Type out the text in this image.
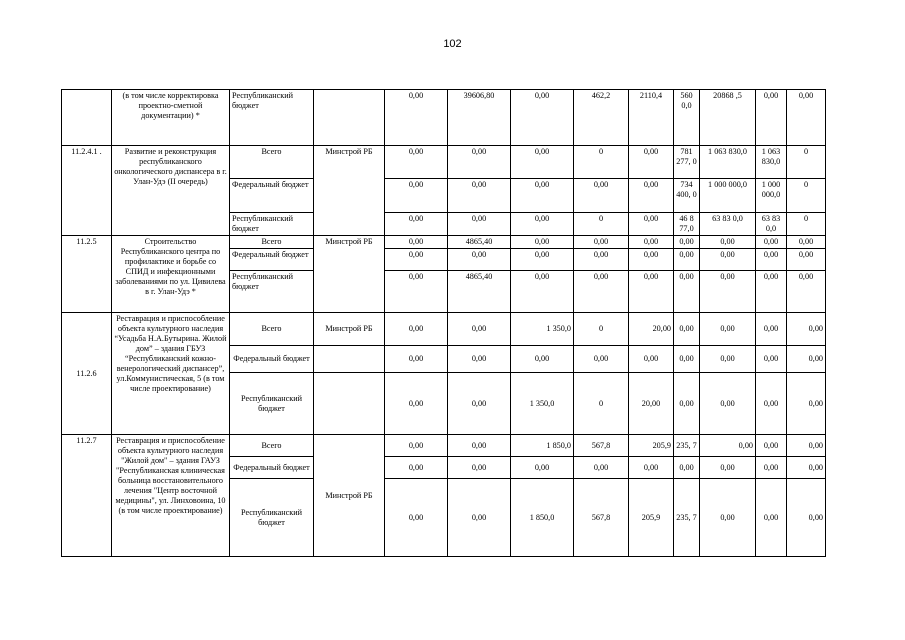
102
	(в том числе корректировка проектно-сметной документации) *	Республиканский бюджет		0,00	39606,80	0,00	462,2	2110,4	560 0,0	20868 ,5	0,00	0,00
11.2.4.1 .	Развитие и реконструкция республиканского онкологического диспансера в г. Улан-Удэ (II очередь)	Всего	Минстрой РБ	0,00	0,00	0,00	0	0,00	781 277, 0	1 063 830,0	1 063 830,0	0
		Федеральный бюджет		0,00	0,00	0,00	0,00	0,00	734 400, 0	1 000 000,0	1 000 000,0	0
		Республиканский бюджет		0,00	0,00	0,00	0	0,00	46 8 77,0	63 83 0,0	63 83 0,0	0
11.2.5	Строительство Республиканского центра по профилактике и борьбе со СПИД и инфекционными заболеваниями по ул. Цивилева в г. Улан-Удэ *	Всего	Минстрой РБ	0,00	4865,40	0,00	0,00	0,00	0,00	0,00	0,00	0,00
		Федеральный бюджет		0,00	0,00	0,00	0,00	0,00	0,00	0,00	0,00	0,00
		Республиканский бюджет		0,00	4865,40	0,00	0,00	0,00	0,00	0,00	0,00	0,00
11.2.6	Реставрация и приспособление объекта культурного наследия “Усадьба Н.А.Бутырина. Жилой дом” – здания ГБУЗ “Республиканский кожно-венерологический диспансер”, ул.Коммунистическая, 5 (в том числе проектирование)	Всего	Минстрой РБ	0,00	0,00	1 350,0	0	20,00	0,00	0,00	0,00	0,00
		Федеральный бюджет		0,00	0,00	0,00	0,00	0,00	0,00	0,00	0,00	0,00
		Республиканский бюджет		0,00	0,00	1 350,0	0	20,00	0,00	0,00	0,00	0,00
11.2.7	Реставрация и приспособление объекта культурного наследия "Жилой дом" – здания ГАУЗ "Республиканская клиническая больница восстановительного лечения "Центр восточной медицины", ул. Линховоина, 10 (в том числе проектирование)	Всего	Минстрой РБ	0,00	0,00	1 850,0	567,8	205,9	235, 7	0,00	0,00	0,00
		Федеральный бюджет		0,00	0,00	0,00	0,00	0,00	0,00	0,00	0,00	0,00
		Республиканский бюджет		0,00	0,00	1 850,0	567,8	205,9	235, 7	0,00	0,00	0,00
